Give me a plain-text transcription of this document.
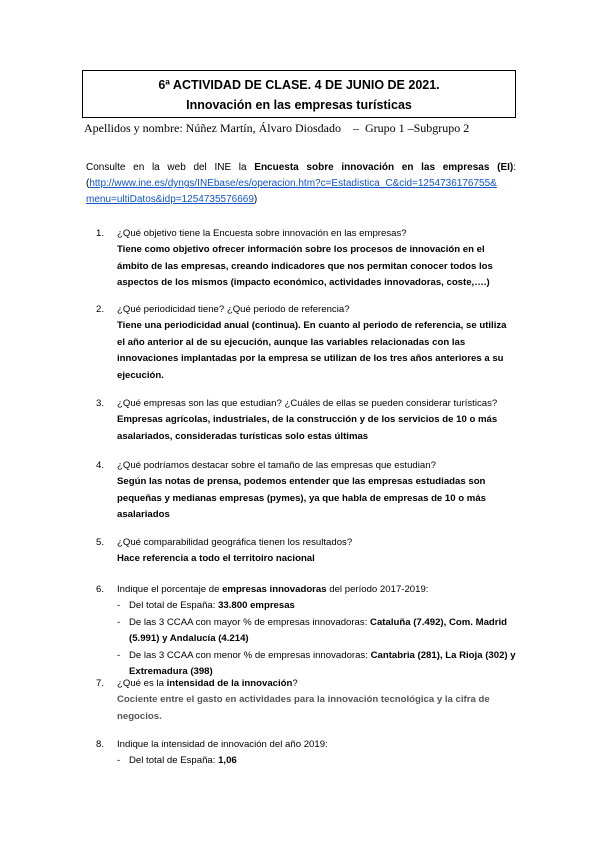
6ª ACTIVIDAD DE CLASE. 4 DE JUNIO DE 2021.
Innovación en las empresas turísticas
Apellidos y nombre: Núñez Martín, Álvaro Diosdado    –  Grupo 1 –Subgrupo 2
Consulte en la web del INE la Encuesta sobre innovación en las empresas (EI):
(http://www.ine.es/dyngs/INEbase/es/operacion.htm?c=Estadistica_C&cid=1254736176755&
menu=ultiDatos&idp=1254735576669)
1. ¿Qué objetivo tiene la Encuesta sobre innovación en las empresas?
Tiene como objetivo ofrecer información sobre los procesos de innovación en el ámbito de las empresas, creando indicadores que nos permitan conocer todos los aspectos de los mismos (impacto económico, actividades innovadoras, coste,….)
2. ¿Qué periodicidad tiene? ¿Qué periodo de referencia?
Tiene una periodicidad anual (continua). En cuanto al periodo de referencia, se utiliza el año anterior al de su ejecución, aunque las variables relacionadas con las innovaciones implantadas por la empresa se utilizan de los tres años anteriores a su ejecución.
3. ¿Qué empresas son las que estudian? ¿Cuáles de ellas se pueden considerar turísticas?
Empresas agrícolas, industriales, de la construcción y de los servicios de 10 o más asalariados, consideradas turísticas solo estas últimas
4. ¿Qué podríamos destacar sobre el tamaño de las empresas que estudian?
Según las notas de prensa, podemos entender que las empresas estudiadas son pequeñas y medianas empresas (pymes), ya que habla de empresas de 10 o más asalariados
5. ¿Qué comparabilidad geográfica tienen los resultados?
Hace referencia a todo el territoiro nacional
6. Indique el porcentaje de empresas innovadoras del período 2017-2019:
- Del total de España: 33.800 empresas
- De las 3 CCAA con mayor % de empresas innovadoras: Cataluña (7.492), Com. Madrid (5.991) y Andalucía (4.214)
- De las 3 CCAA con menor % de empresas innovadoras: Cantabria (281), La Rioja (302) y Extremadura (398)
7. ¿Qué es la intensidad de la innovación?
Cociente entre el gasto en actividades para la innovación tecnológica y la cifra de negocios.
8. Indique la intensidad de innovación del año 2019:
- Del total de España: 1,06
